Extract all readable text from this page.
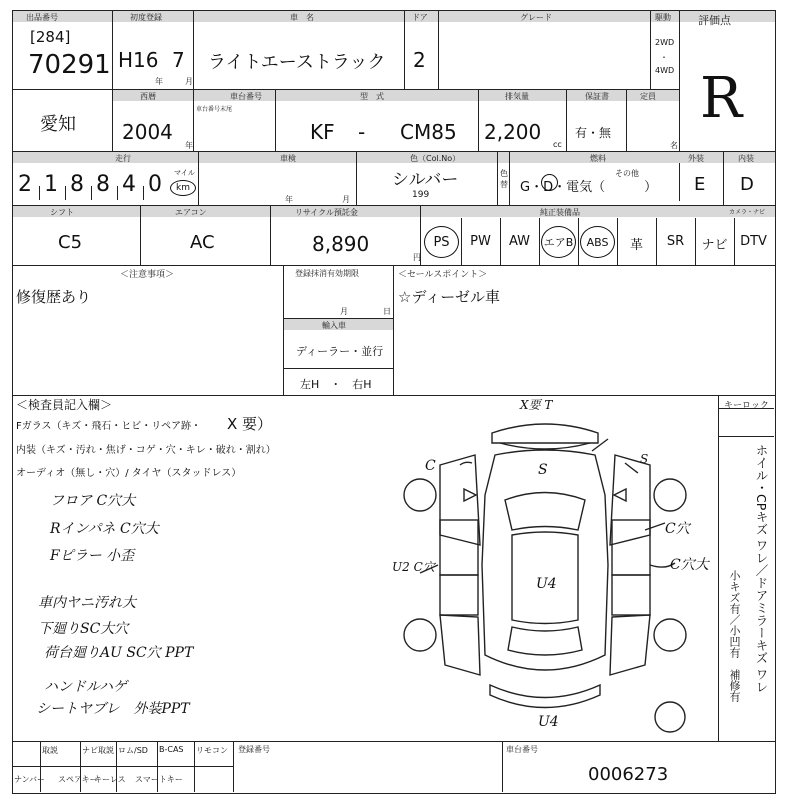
出品番号
[284]
70291
初度登録
H16 7
年	月
車　名
ライトエーストラック
ドア
2
グレード	駆動
2WD
・
4WD
評価点
R
愛知
西暦
2004
年
車台番号
車台番号末尾
型　式
KF - CM85
排気量
2,200
cc
保証書
有・無
定員
名
走行
2 1 8 8 4 0 マイル
km
車検
年	月
色（Col.No）
シルバー
199
色替
燃料
その他
G・D・電気（　　　）
外装
E
内装
D
シフト
C5
エアコン
AC
リサイクル預託金
8,890
円
純正装備品	カメラ・ナビ
PS	PW	AW	エアB	ABS	革	SR	ナビ DTV
＜注意事項＞
修復歴あり
登録抹消有効期限
月	日
輸入車
ディーラー・並行
左H　・　右H
＜セールスポイント＞
☆ディーゼル車
＜検査員記入欄＞
Fガラス（キズ・飛石・ヒビ・リペア跡・ X 要）
内装（キズ・汚れ・焦げ・コゲ・穴・キレ・破れ・割れ）
オーディオ（無し・穴）/ タイヤ（スタッドレス）
フロア C穴大
Rインパネ C穴大
Fピラー 小歪
車内ヤニ汚れ大
下廻りSC大穴
荷台廻りAU SC穴 PPT
ハンドルハゲ
シートヤブレ　外装PPT
X要 T
S
C	S
C穴
U2 C穴	C穴大
U4
U4
キーロック
ホイル・CPキズ ワレ／ドアミラーキズ ワレ
小キズ有／小凹有　補修有
取説	ナビ取説 ロム/SD B-CAS リモコン
ナンバー スペアキー
キーレス スマートキー
登録番号	車台番号
0006273
